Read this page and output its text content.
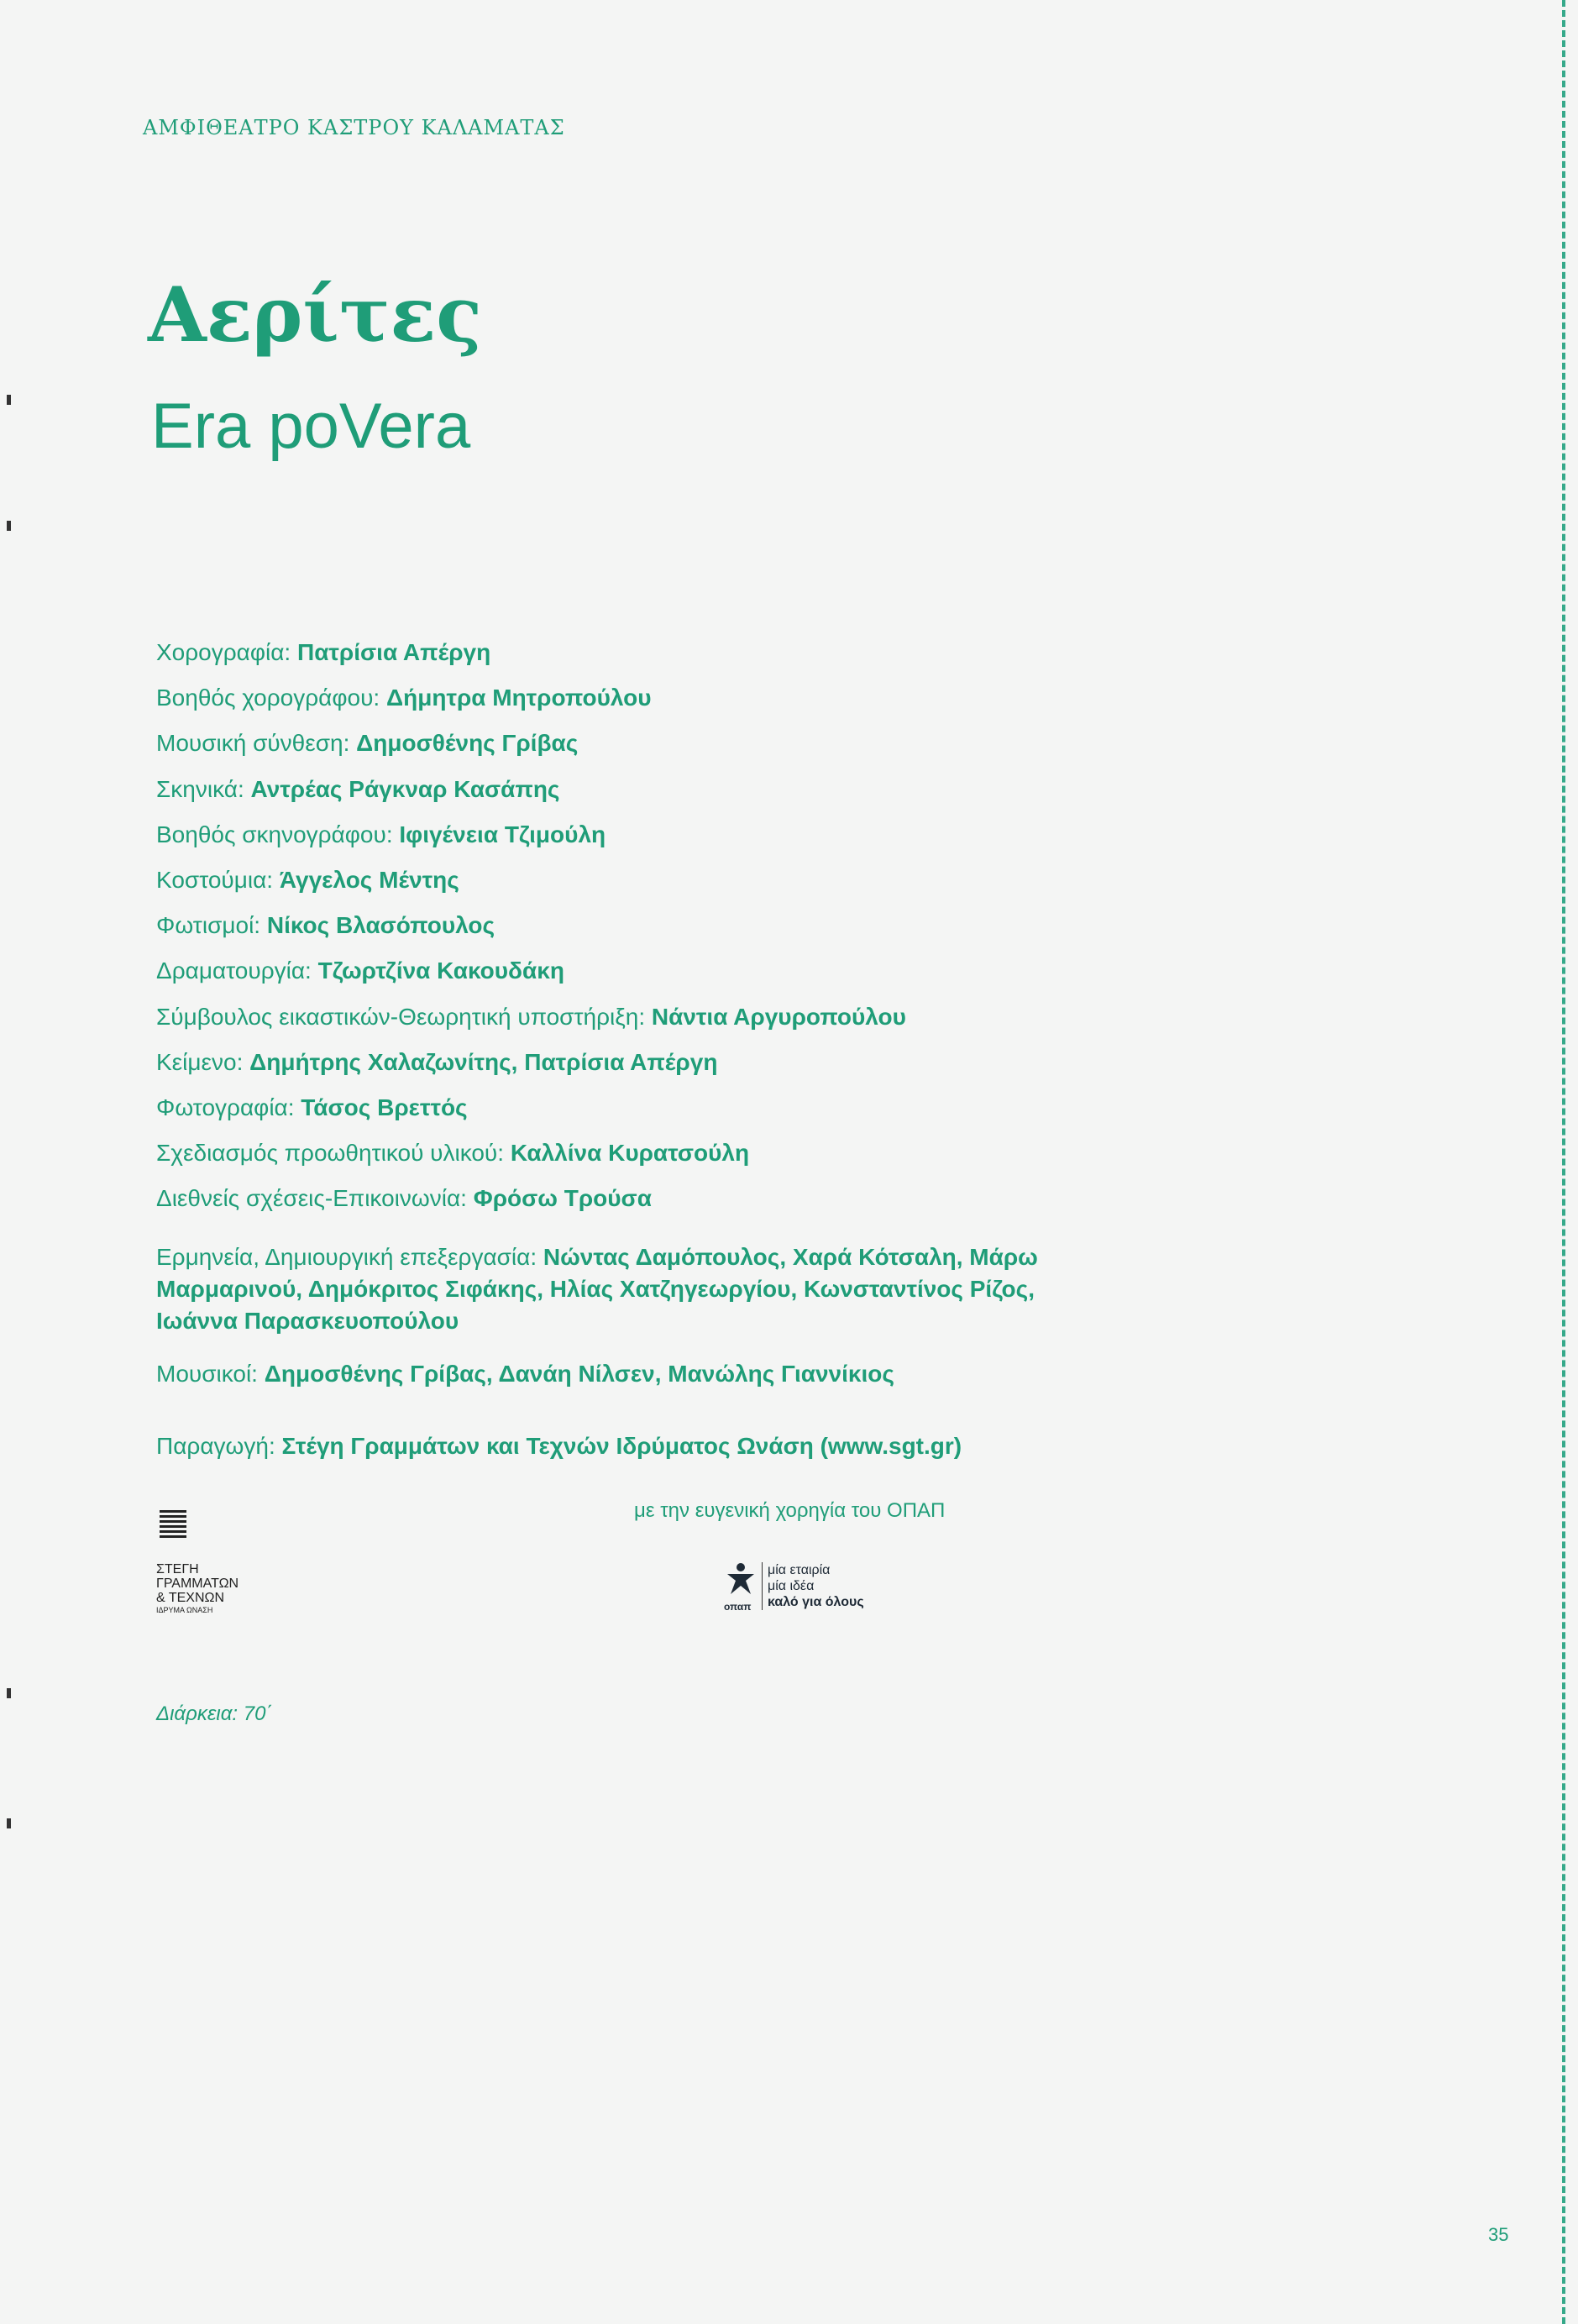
ΑΜΦΙΘΕΑΤΡΟ ΚΑΣΤΡΟΥ ΚΑΛΑΜΑΤΑΣ
Αερίτες
Era poVera
Χορογραφία: Πατρίσια Απέργη
Βοηθός χορογράφου: Δήμητρα Μητροπούλου
Μουσική σύνθεση: Δημοσθένης Γρίβας
Σκηνικά: Αντρέας Ράγκναρ Κασάπης
Βοηθός σκηνογράφου: Ιφιγένεια Τζιμούλη
Κοστούμια: Άγγελος Μέντης
Φωτισμοί: Νίκος Βλασόπουλος
Δραματουργία: Τζωρτζίνα Κακουδάκη
Σύμβουλος εικαστικών-Θεωρητική υποστήριξη: Νάντια Αργυροπούλου
Κείμενο: Δημήτρης Χαλαζωνίτης, Πατρίσια Απέργη
Φωτογραφία: Τάσος Βρεττός
Σχεδιασμός προωθητικού υλικού: Καλλίνα Κυρατσούλη
Διεθνείς σχέσεις-Επικοινωνία: Φρόσω Τρούσα
Ερμηνεία, Δημιουργική επεξεργασία: Νώντας Δαμόπουλος, Χαρά Κότσαλη, Μάρω Μαρμαρινού, Δημόκριτος Σιφάκης, Ηλίας Χατζηγεωργίου, Κωνσταντίνος Ρίζος, Ιωάννα Παρασκευοπούλου
Μουσικοί: Δημοσθένης Γρίβας, Δανάη Νίλσεν, Μανώλης Γιαννίκιος
Παραγωγή: Στέγη Γραμμάτων και Τεχνών Ιδρύματος Ωνάση (www.sgt.gr)
με την ευγενική χορηγία του ΟΠΑΠ
ΣΤΕΓΗ
ΓΡΑΜΜΑΤΩΝ
& ΤΕΧΝΩΝ
ΙΔΡΥΜΑ ΩΝΑΣΗ	οπαπ
μία εταιρία
μία ιδέα
καλό για όλους
Διάρκεια: 70΄
35
